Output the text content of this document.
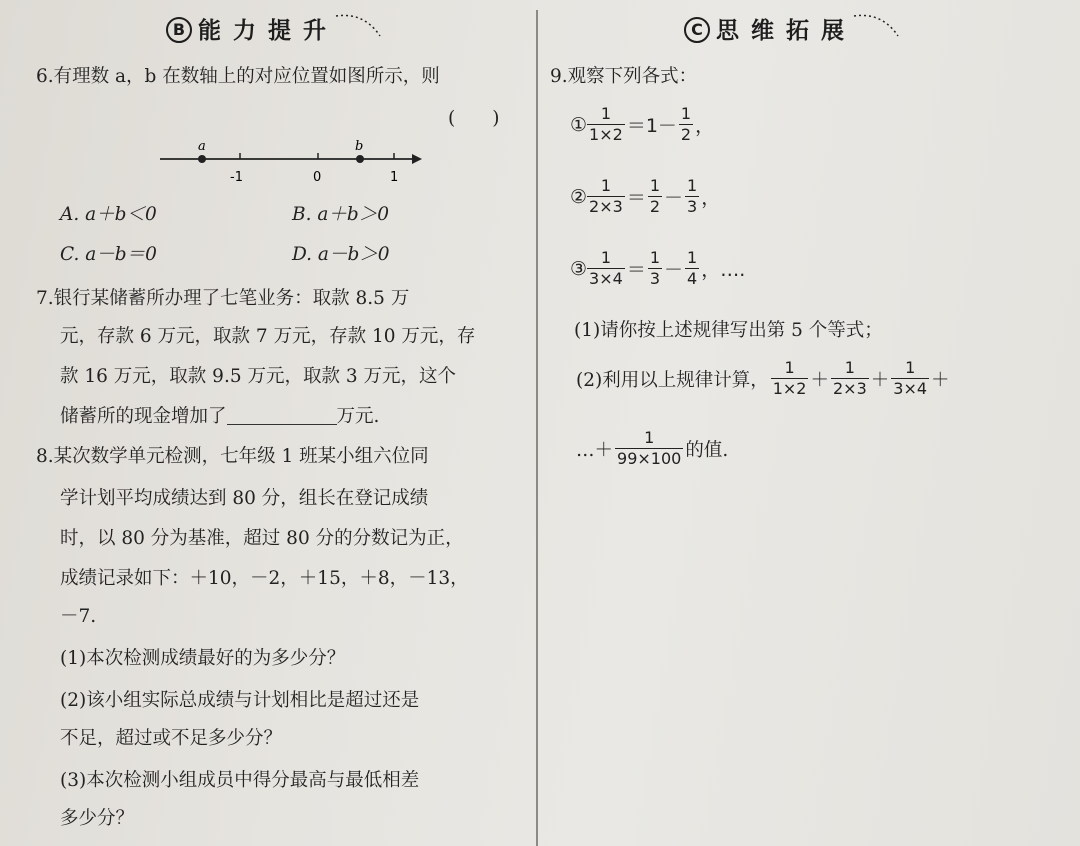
B 能力提升	C 思维拓展
6.有理数 a，b 在数轴上的对应位置如图所示，则
(　　)
a	b
-1	0	1
A. a＋b＜0	B. a＋b＞0
C. a－b＝0	D. a－b＞0
7.银行某储蓄所办理了七笔业务：取款 8.5 万
元，存款 6 万元，取款 7 万元，存款 10 万元，存
款 16 万元，取款 9.5 万元，取款 3 万元，这个
储蓄所的现金增加了	万元.
8.某次数学单元检测，七年级 1 班某小组六位同
学计划平均成绩达到 80 分，组长在登记成绩
时，以 80 分为基准，超过 80 分的分数记为正，
成绩记录如下：＋10，－2，＋15，＋8，－13，
－7.
(1)本次检测成绩最好的为多少分？
(2)该小组实际总成绩与计划相比是超过还是
不足，超过或不足多少分？
(3)本次检测小组成员中得分最高与最低相差
多少分？
9.观察下列各式：
① $\frac{1}{1\times 2} =1- \frac{1}{2}$ ，
② $\frac{1}{2\times 3} = \frac{1}{2} - \frac{1}{3}$ ，
③ $\frac{1}{3\times 4} = \frac{1}{3} - \frac{1}{4}$ ，….
(1)请你按上述规律写出第 5 个等式；
(2)利用以上规律计算， $\frac{1}{1\times 2} + \frac{1}{2\times 3} + \frac{1}{3\times 4}$ ＋
…＋ $\frac{1}{99\times 100}$ 的值.
